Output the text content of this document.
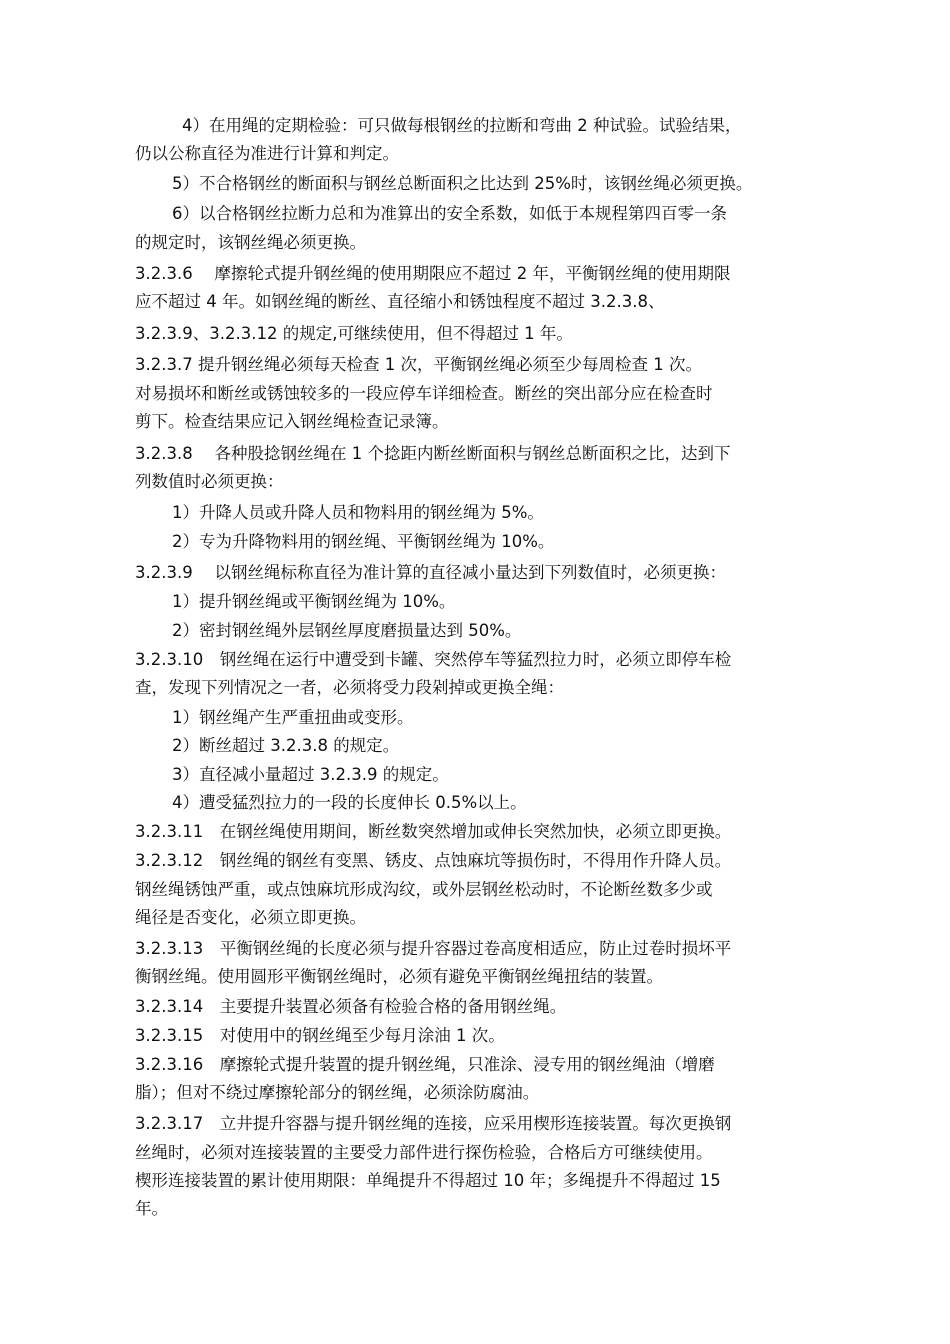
4）在用绳的定期检验：可只做每根钢丝的拉断和弯曲 2 种试验。试验结果，
仍以公称直径为准进行计算和判定。
5）不合格钢丝的断面积与钢丝总断面积之比达到 25%时，该钢丝绳必须更换。
6）以合格钢丝拉断力总和为准算出的安全系数，如低于本规程第四百零一条
的规定时，该钢丝绳必须更换。
3.2.3.6　 摩擦轮式提升钢丝绳的使用期限应不超过 2 年，平衡钢丝绳的使用期限
应不超过 4 年。如钢丝绳的断丝、直径缩小和锈蚀程度不超过 3.2.3.8、
3.2.3.9、3.2.3.12 的规定,可继续使用，但不得超过 1 年。
3.2.3.7 提升钢丝绳必须每天检查 1 次，平衡钢丝绳必须至少每周检查 1 次。
对易损坏和断丝或锈蚀较多的一段应停车详细检查。断丝的突出部分应在检查时
剪下。检查结果应记入钢丝绳检查记录簿。
3.2.3.8　 各种股捻钢丝绳在 1 个捻距内断丝断面积与钢丝总断面积之比，达到下
列数值时必须更换：
1）升降人员或升降人员和物料用的钢丝绳为 5%。
2）专为升降物料用的钢丝绳、平衡钢丝绳为 10%。
3.2.3.9　 以钢丝绳标称直径为准计算的直径减小量达到下列数值时，必须更换：
1）提升钢丝绳或平衡钢丝绳为 10%。
2）密封钢丝绳外层钢丝厚度磨损量达到 50%。
3.2.3.10　钢丝绳在运行中遭受到卡罐、突然停车等猛烈拉力时，必须立即停车检
查，发现下列情况之一者，必须将受力段剁掉或更换全绳：
1）钢丝绳产生严重扭曲或变形。
2）断丝超过 3.2.3.8 的规定。
3）直径减小量超过 3.2.3.9 的规定。
4）遭受猛烈拉力的一段的长度伸长 0.5%以上。
3.2.3.11　在钢丝绳使用期间，断丝数突然增加或伸长突然加快，必须立即更换。
3.2.3.12　钢丝绳的钢丝有变黑、锈皮、点蚀麻坑等损伤时，不得用作升降人员。
钢丝绳锈蚀严重，或点蚀麻坑形成沟纹，或外层钢丝松动时，不论断丝数多少或
绳径是否变化，必须立即更换。
3.2.3.13　平衡钢丝绳的长度必须与提升容器过卷高度相适应，防止过卷时损坏平
衡钢丝绳。使用圆形平衡钢丝绳时，必须有避免平衡钢丝绳扭结的装置。
3.2.3.14　主要提升装置必须备有检验合格的备用钢丝绳。
3.2.3.15　对使用中的钢丝绳至少每月涂油 1 次。
3.2.3.16　摩擦轮式提升装置的提升钢丝绳，只准涂、浸专用的钢丝绳油（增磨
脂）；但对不绕过摩擦轮部分的钢丝绳，必须涂防腐油。
3.2.3.17　立井提升容器与提升钢丝绳的连接，应采用楔形连接装置。每次更换钢
丝绳时，必须对连接装置的主要受力部件进行探伤检验，合格后方可继续使用。
楔形连接装置的累计使用期限：单绳提升不得超过 10 年；多绳提升不得超过 15
年。
